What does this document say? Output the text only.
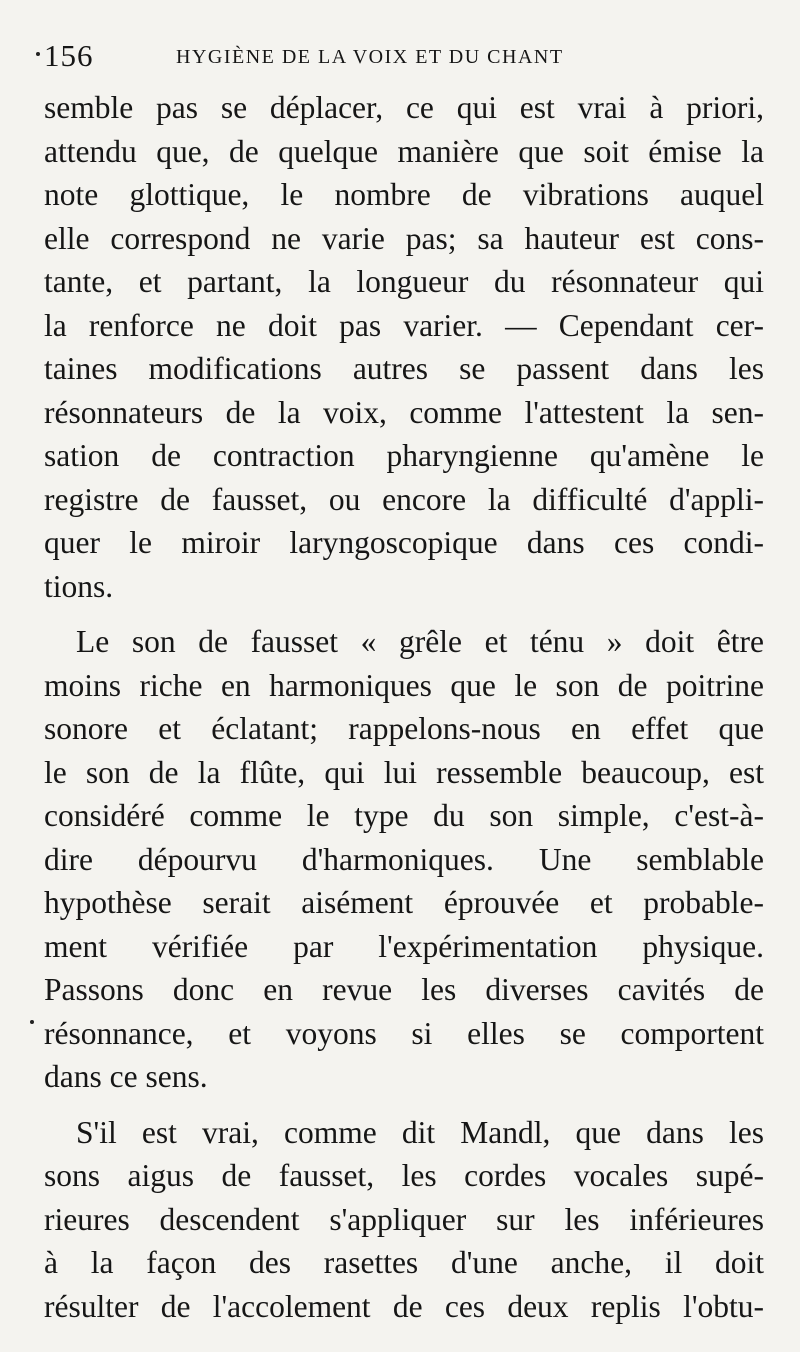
156	HYGIÈNE DE LA VOIX ET DU CHANT
semble pas se déplacer, ce qui est vrai à priori,
attendu que, de quelque manière que soit émise la
note glottique, le nombre de vibrations auquel
elle correspond ne varie pas; sa hauteur est cons-
tante, et partant, la longueur du résonnateur qui
la renforce ne doit pas varier. — Cependant cer-
taines modifications autres se passent dans les
résonnateurs de la voix, comme l'attestent la sen-
sation de contraction pharyngienne qu'amène le
registre de fausset, ou encore la difficulté d'appli-
quer le miroir laryngoscopique dans ces condi-
tions.
Le son de fausset « grêle et ténu » doit être
moins riche en harmoniques que le son de poitrine
sonore et éclatant; rappelons-nous en effet que
le son de la flûte, qui lui ressemble beaucoup, est
considéré comme le type du son simple, c'est-à-
dire dépourvu d'harmoniques. Une semblable
hypothèse serait aisément éprouvée et probable-
ment vérifiée par l'expérimentation physique.
Passons donc en revue les diverses cavités de
résonnance, et voyons si elles se comportent
dans ce sens.
S'il est vrai, comme dit Mandl, que dans les
sons aigus de fausset, les cordes vocales supé-
rieures descendent s'appliquer sur les inférieures
à la façon des rasettes d'une anche, il doit
résulter de l'accolement de ces deux replis l'obtu-
